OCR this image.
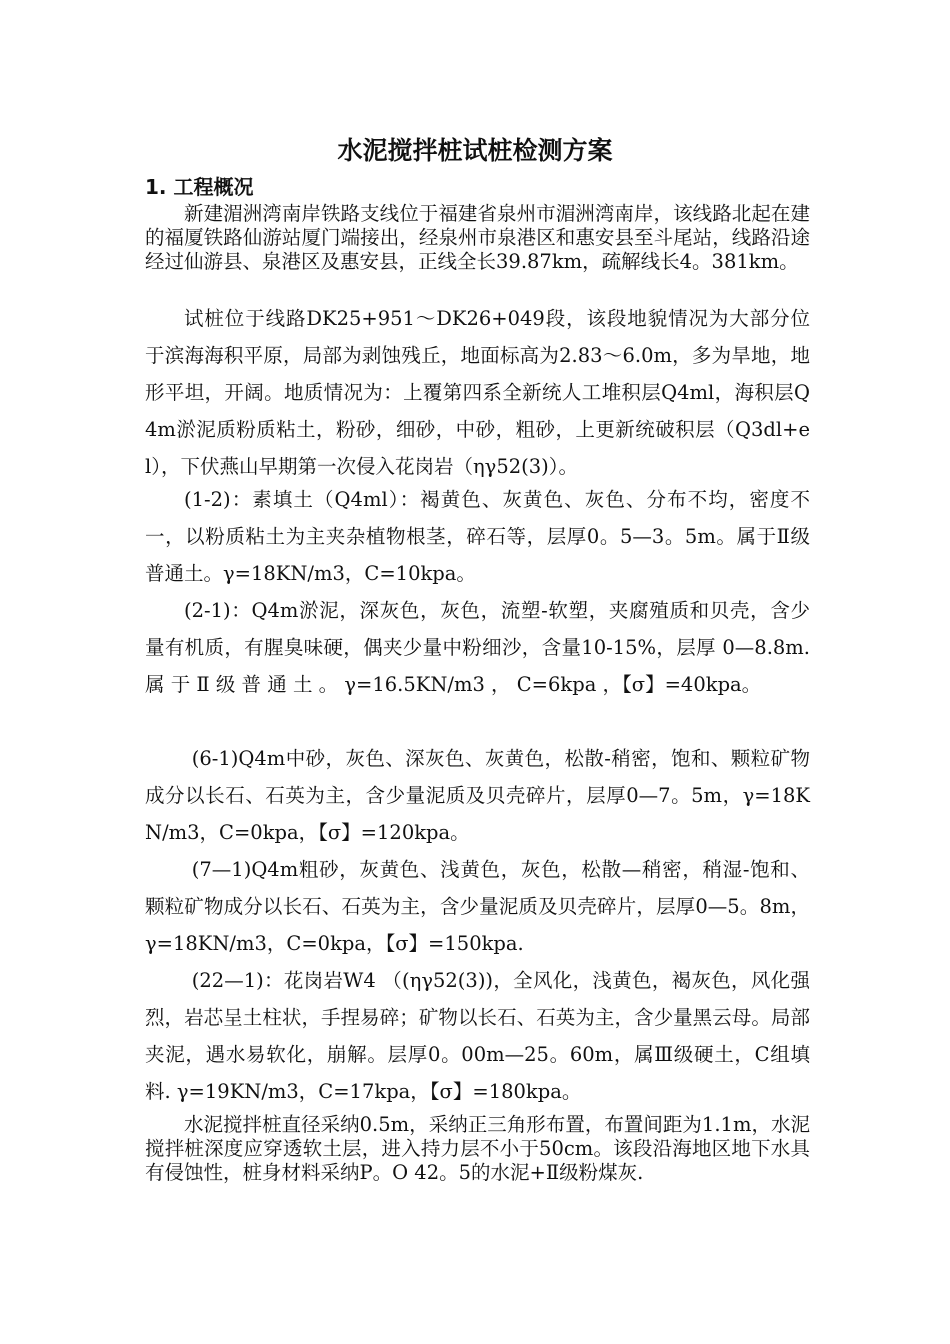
水泥搅拌桩试桩检测方案
1. 工程概况

新建湄洲湾南岸铁路支线位于福建省泉州市湄洲湾南岸，该线路北起在建的福厦铁路仙游站厦门端接出，经泉州市泉港区和惠安县至斗尾站，线路沿途经过仙游县、泉港区及惠安县，正线全长39.87km，疏解线长4。381km。

试桩位于线路DK25+951～DK26+049段，该段地貌情况为大部分位于滨海海积平原，局部为剥蚀残丘，地面标高为2.83～6.0m，多为旱地，地形平坦，开阔。地质情况为：上覆第四系全新统人工堆积层Q4ml，海积层Q4m淤泥质粉质粘土，粉砂，细砂，中砂，粗砂，上更新统破积层（Q3dl+el），下伏燕山早期第一次侵入花岗岩（ηγ52(3)）。

(1-2)：素填土（Q4ml）：褐黄色、灰黄色、灰色、分布不均，密度不一，以粉质粘土为主夹杂植物根茎，碎石等，层厚0。5—3。5m。属于Ⅱ级普通土。γ=18KN/m3，C=10kpa。

(2-1)：Q4m淤泥，深灰色，灰色，流塑-软塑，夹腐殖质和贝壳，含少量有机质，有腥臭味硬，偶夹少量中粉细沙，含量10-15%，层厚 0—8.8m. 属 于 Ⅱ 级 普 通 土 。 γ=16.5KN/m3 ， C=6kpa ，【σ】=40kpa。

(6-1)Q4m中砂，灰色、深灰色、灰黄色，松散-稍密，饱和、颗粒矿物成分以长石、石英为主，含少量泥质及贝壳碎片，层厚0—7。5m，γ=18KN/m3，C=0kpa，【σ】=120kpa。

(7—1)Q4m粗砂，灰黄色、浅黄色，灰色，松散—稍密，稍湿-饱和、颗粒矿物成分以长石、石英为主，含少量泥质及贝壳碎片，层厚0—5。8m，γ=18KN/m3，C=0kpa，【σ】=150kpa.

(22—1)：花岗岩W4 （(ηγ52(3))，全风化，浅黄色，褐灰色，风化强烈，岩芯呈土柱状，手捏易碎；矿物以长石、石英为主，含少量黑云母。局部夹泥，遇水易软化，崩解。层厚0。00m—25。60m，属Ⅲ级硬土，C组填料. γ=19KN/m3，C=17kpa，【σ】=180kpa。

水泥搅拌桩直径采纳0.5m，采纳正三角形布置，布置间距为1.1m，水泥搅拌桩深度应穿透软土层，进入持力层不小于50cm。该段沿海地区地下水具有侵蚀性，桩身材料采纳P。O 42。5的水泥+Ⅱ级粉煤灰.
